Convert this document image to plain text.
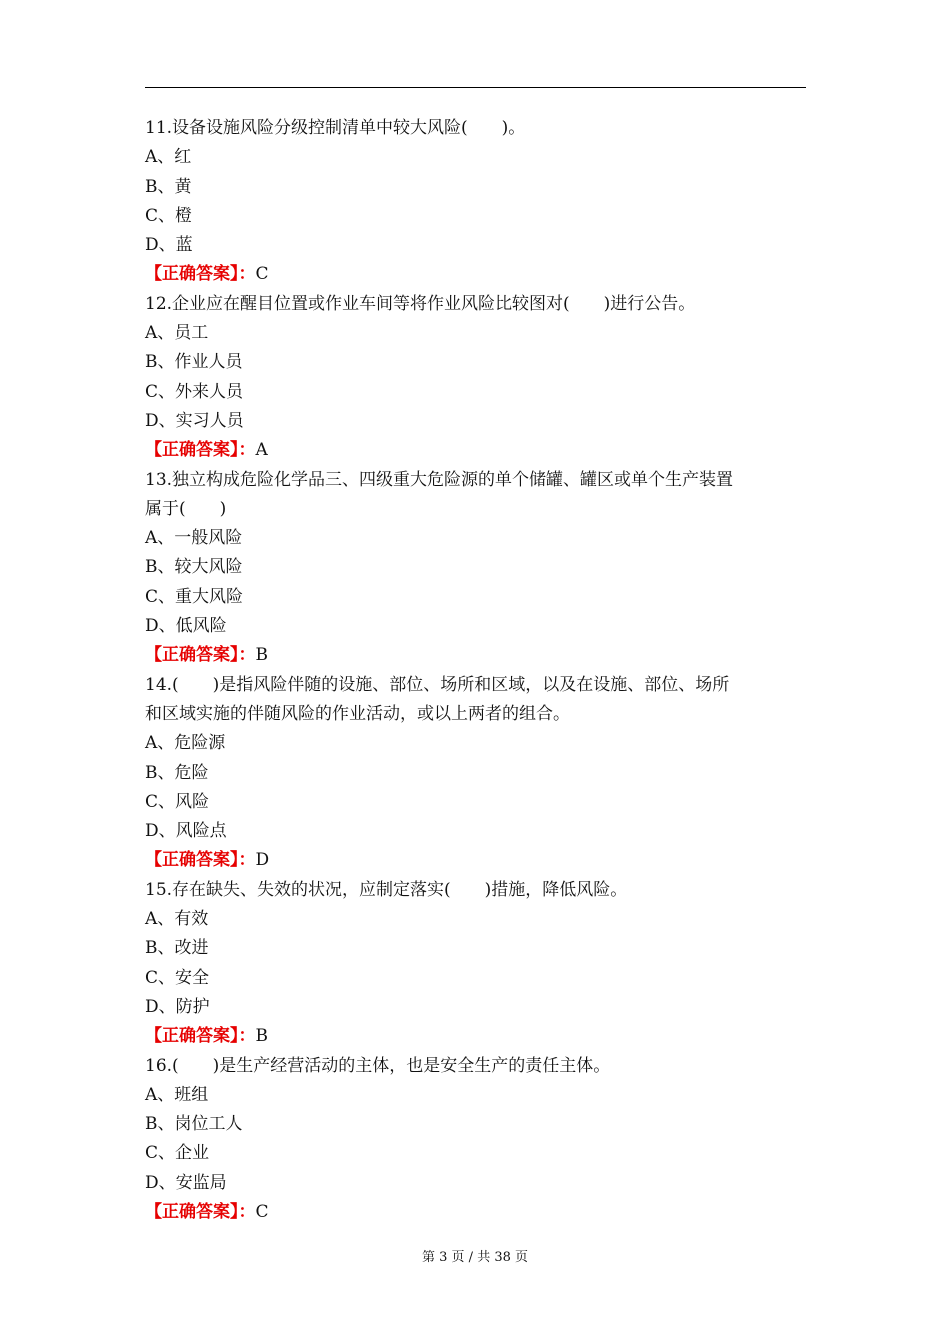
11.设备设施风险分级控制清单中较大风险(　　)。
A、红
B、黄
C、橙
D、蓝
【正确答案】：C
12.企业应在醒目位置或作业车间等将作业风险比较图对(　　)进行公告。
A、员工
B、作业人员
C、外来人员
D、实习人员
【正确答案】：A
13.独立构成危险化学品三、四级重大危险源的单个储罐、罐区或单个生产装置
属于(　　)
A、一般风险
B、较大风险
C、重大风险
D、低风险
【正确答案】：B
14.(　　)是指风险伴随的设施、部位、场所和区域，以及在设施、部位、场所
和区域实施的伴随风险的作业活动，或以上两者的组合。
A、危险源
B、危险
C、风险
D、风险点
【正确答案】：D
15.存在缺失、失效的状况，应制定落实(　　)措施，降低风险。
A、有效
B、改进
C、安全
D、防护
【正确答案】：B
16.(　　)是生产经营活动的主体，也是安全生产的责任主体。
A、班组
B、岗位工人
C、企业
D、安监局
【正确答案】：C
第 3 页 / 共 38 页
